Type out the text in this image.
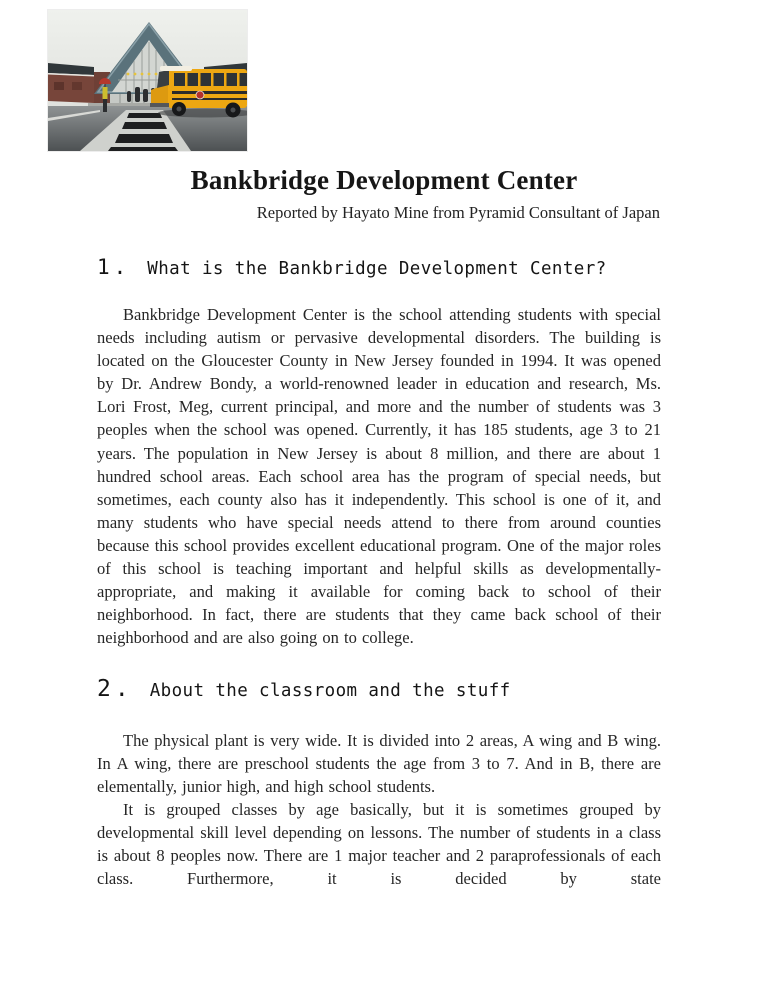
Bankbridge Development Center
Reported by Hayato Mine from Pyramid Consultant of Japan
1. What is the Bankbridge Development Center?

Bankbridge Development Center is the school attending students with special needs including autism or pervasive developmental disorders. The building is located on the Gloucester County in New Jersey founded in 1994. It was opened by Dr. Andrew Bondy, a world-renowned leader in education and research, Ms. Lori Frost, Meg, current principal, and more and the number of students was 3 peoples when the school was opened. Currently, it has 185 students, age 3 to 21 years. The population in New Jersey is about 8 million, and there are about 1 hundred school areas. Each school area has the program of special needs, but sometimes, each county also has it independently. This school is one of it, and many students who have special needs attend to there from around counties because this school provides excellent educational program. One of the major roles of this school is teaching important and helpful skills as developmentally-appropriate, and making it available for coming back to school of their neighborhood. In fact, there are students that they came back school of their neighborhood and are also going on to college.

2. About the classroom and the stuff

The physical plant is very wide. It is divided into 2 areas, A wing and B wing. In A wing, there are preschool students the age from 3 to 7. And in B, there are elementally, junior high, and high school students.

It is grouped classes by age basically, but it is sometimes grouped by developmental skill level depending on lessons. The number of students in a class is about 8 peoples now. There are 1 major teacher and 2 paraprofessionals of each class. Furthermore, it is decided by state
